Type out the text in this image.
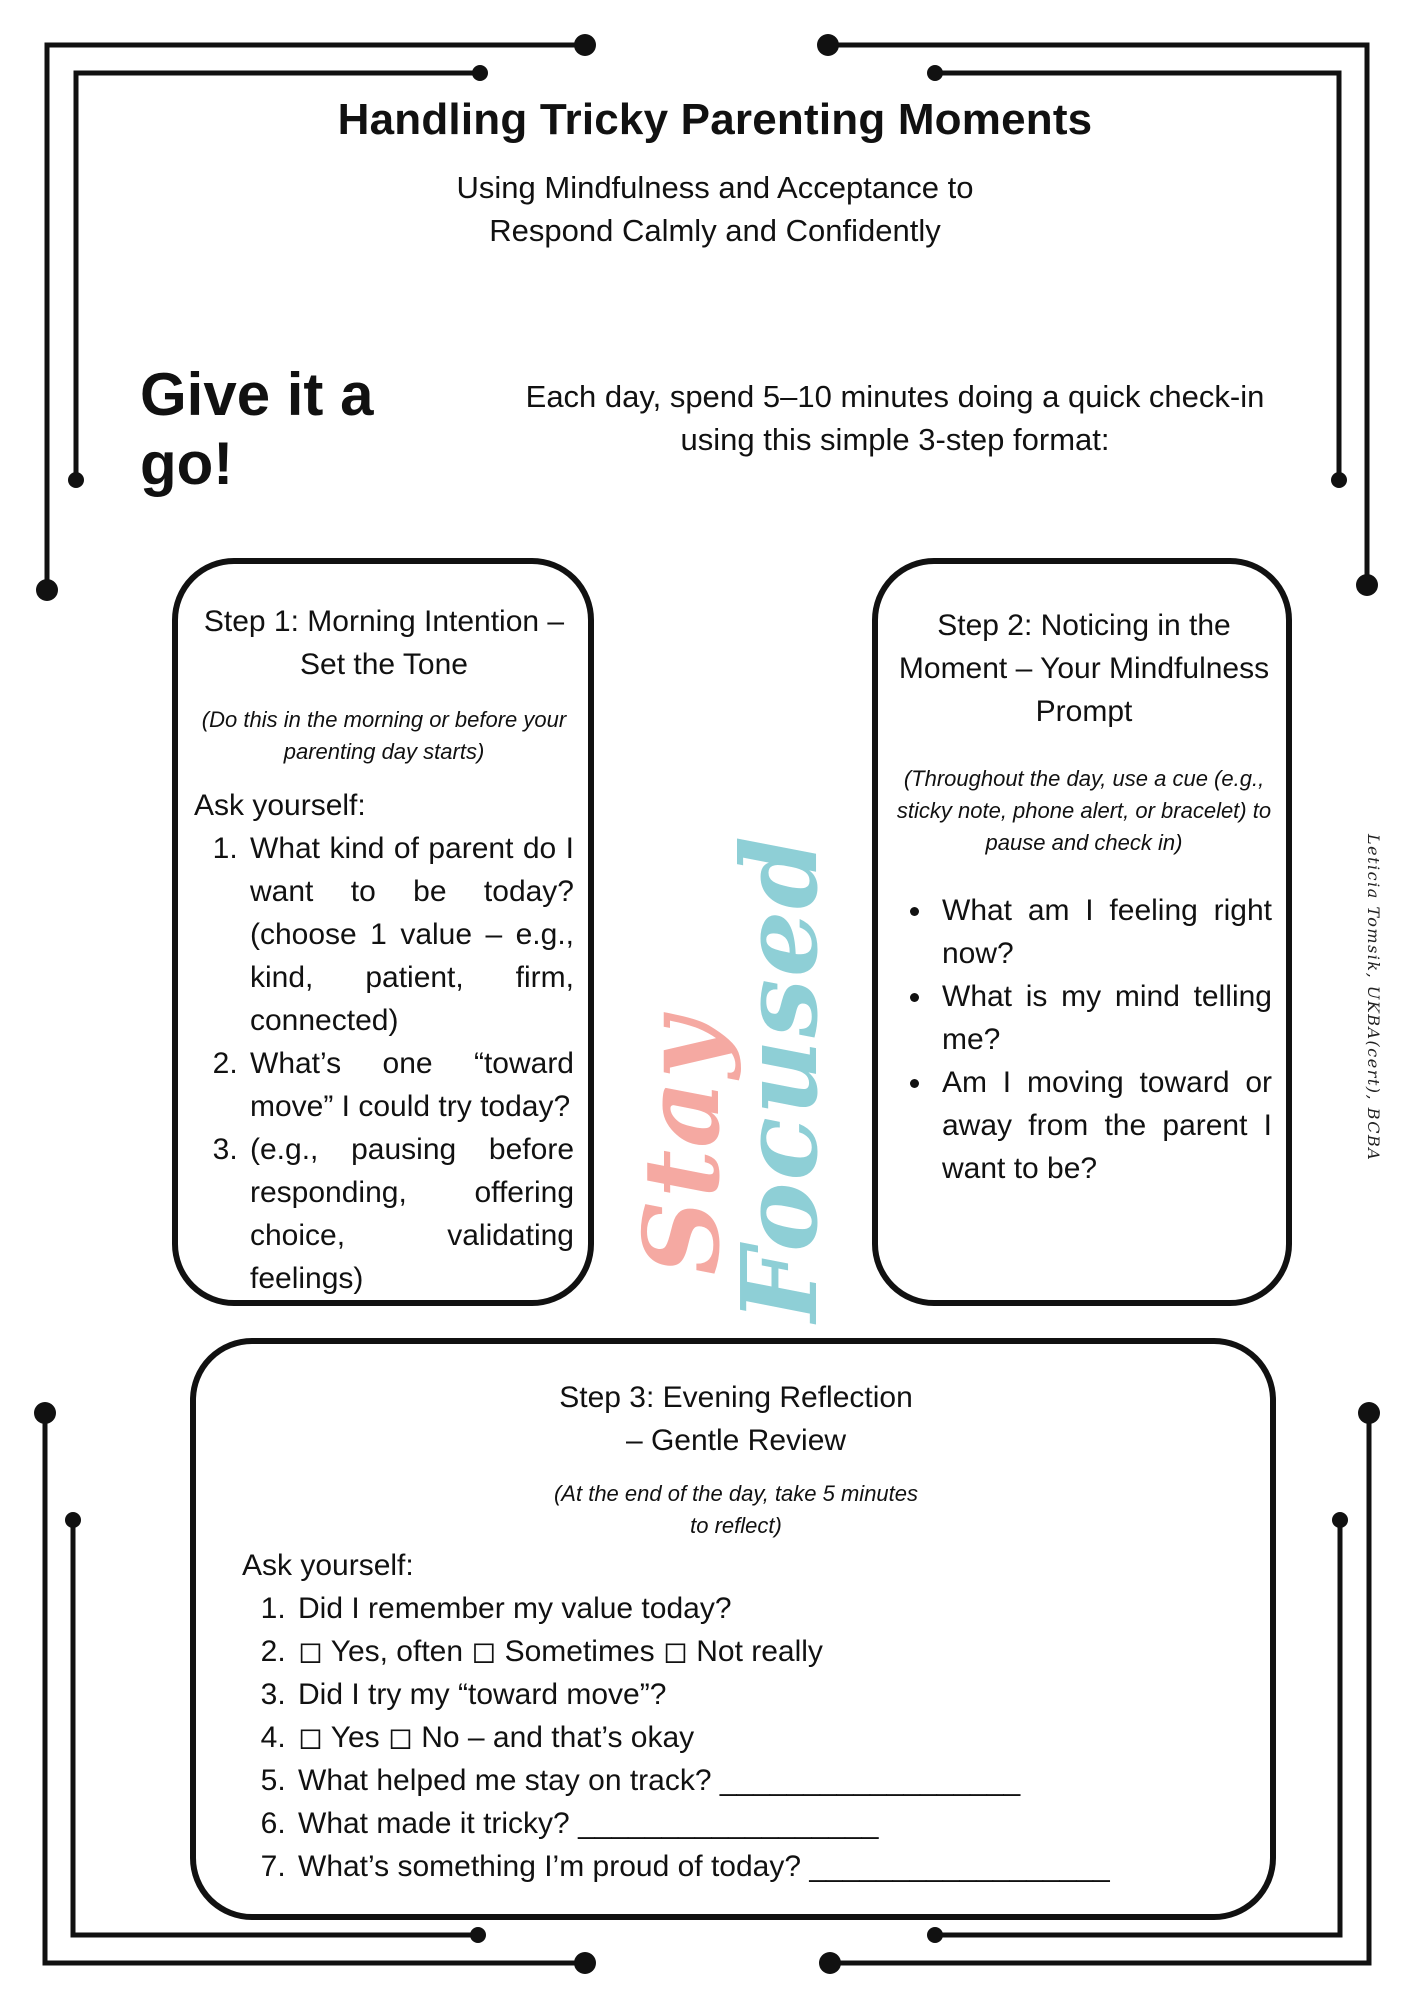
Handling Tricky Parenting Moments
Using Mindfulness and Acceptance to
Respond Calmly and Confidently
Give it a go!
Each day, spend 5–10 minutes doing a quick check-in
using this simple 3-step format:
Step 1: Morning Intention – Set the Tone
(Do this in the morning or before your parenting day starts)
Ask yourself:
1. What kind of parent do I want to be today? (choose 1 value – e.g., kind, patient, firm, connected)
2. What’s one “toward move” I could try today?
3. (e.g., pausing before responding, offering choice, validating feelings)
Step 2: Noticing in the Moment – Your Mindfulness Prompt
(Throughout the day, use a cue (e.g., sticky note, phone alert, or bracelet) to pause and check in)
• What am I feeling right now?
• What is my mind telling me?
• Am I moving toward or away from the parent I want to be?
Stay
Focused
Step 3: Evening Reflection
– Gentle Review
(At the end of the day, take 5 minutes
to reflect)
Ask yourself:
1. Did I remember my value today?
2. ◻ Yes, often ◻ Sometimes ◻ Not really
3. Did I try my “toward move”?
4. ◻ Yes ◻ No – and that’s okay
5. What helped me stay on track? __________________
6. What made it tricky? __________________
7. What’s something I’m proud of today? __________________
Leticia Tomsik, UKBA(cert), BCBA
